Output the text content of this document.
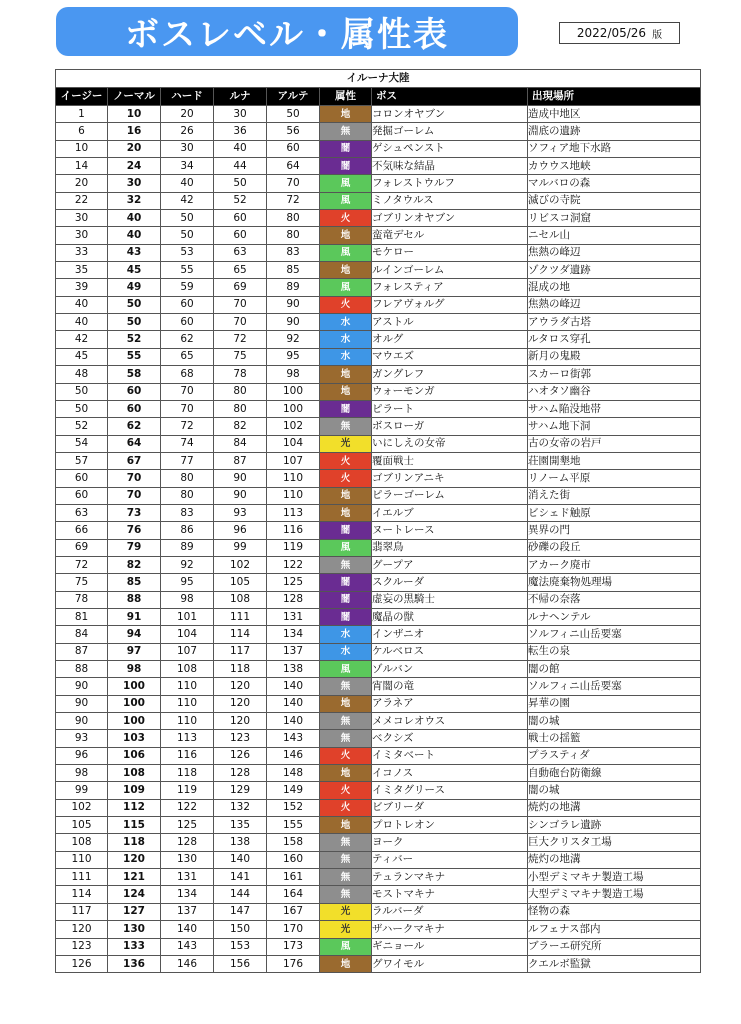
ボスレベル・属性表	2022/05/26 版
イルーナ大陸							
イージー	ノーマル	ハード	ルナ	アルテ	属性	ボス	出現場所
1	10	20	30	50	地	コロンオヤブン	造成中地区
6	16	26	36	56	無	発掘ゴーレム	淵底の遺跡
10	20	30	40	60	闇	ゲシュペンスト	ソフィア地下水路
14	24	34	44	64	闇	不気味な結晶	カウウス地峡
20	30	40	50	70	風	フォレストウルフ	マルバロの森
22	32	42	52	72	風	ミノタウルス	滅びの寺院
30	40	50	60	80	火	ゴブリンオヤブン	リビスコ洞窟
30	40	50	60	80	地	蛮竜デセル	ニセル山
33	43	53	63	83	風	モケロー	焦熱の峰辺
35	45	55	65	85	地	ルインゴーレム	ゾクツダ遺跡
39	49	59	69	89	風	フォレスティア	混成の地
40	50	60	70	90	火	フレアヴォルグ	焦熱の峰辺
40	50	60	70	90	水	アストル	アウラダ古塔
42	52	62	72	92	水	オルグ	ルタロス穿孔
45	55	65	75	95	水	マウエズ	新月の鬼殿
48	58	68	78	98	地	ガングレフ	スカーロ街郭
50	60	70	80	100	地	ウォーモンガ	ハオタソ幽谷
50	60	70	80	100	闇	ピラート	サハム陥没地帯
52	62	72	82	102	無	ボスローガ	サハム地下洞
54	64	74	84	104	光	いにしえの女帝	古の女帝の岩戸
57	67	77	87	107	火	覆面戦士	荘園開墾地
60	70	80	90	110	火	ゴブリンアニキ	リノーム平原
60	70	80	90	110	地	ピラーゴーレム	消えた街
63	73	83	93	113	地	イエルブ	ビシェド触原
66	76	86	96	116	闇	ヌートレース	異界の門
69	79	89	99	119	風	翡翠鳥	砂礫の段丘
72	82	92	102	122	無	グープア	アカーク廃市
75	85	95	105	125	闇	スクルーダ	魔法廃棄物処理場
78	88	98	108	128	闇	虚妄の黒騎士	不帰の奈落
81	91	101	111	131	闇	魔晶の獣	ルナヘンテル
84	94	104	114	134	水	インザニオ	ソルフィニ山岳要塞
87	97	107	117	137	水	ケルベロス	転生の泉
88	98	108	118	138	風	ゾルバン	闇の館
90	100	110	120	140	無	宵闇の竜	ソルフィニ山岳要塞
90	100	110	120	140	地	アラネア	昇華の園
90	100	110	120	140	無	メメコレオウス	闇の城
93	103	113	123	143	無	ベクシズ	戦士の揺籃
96	106	116	126	146	火	イミタベート	プラスティダ
98	108	118	128	148	地	イコノス	自動砲台防衛線
99	109	119	129	149	火	イミタグリース	闇の城
102	112	122	132	152	火	ビブリーダ	焼灼の地溝
105	115	125	135	155	地	プロトレオン	シンゴラレ遺跡
108	118	128	138	158	無	ヨーク	巨大クリスタ工場
110	120	130	140	160	無	ティバー	焼灼の地溝
111	121	131	141	161	無	テュランマキナ	小型デミマキナ製造工場
114	124	134	144	164	無	モストマキナ	大型デミマキナ製造工場
117	127	137	147	167	光	ラルバーダ	怪物の森
120	130	140	150	170	光	ザハークマキナ	ルフェナス部内
123	133	143	153	173	風	ギニョール	ブラーエ研究所
126	136	146	156	176	地	グワイモル	クエルボ監獄
